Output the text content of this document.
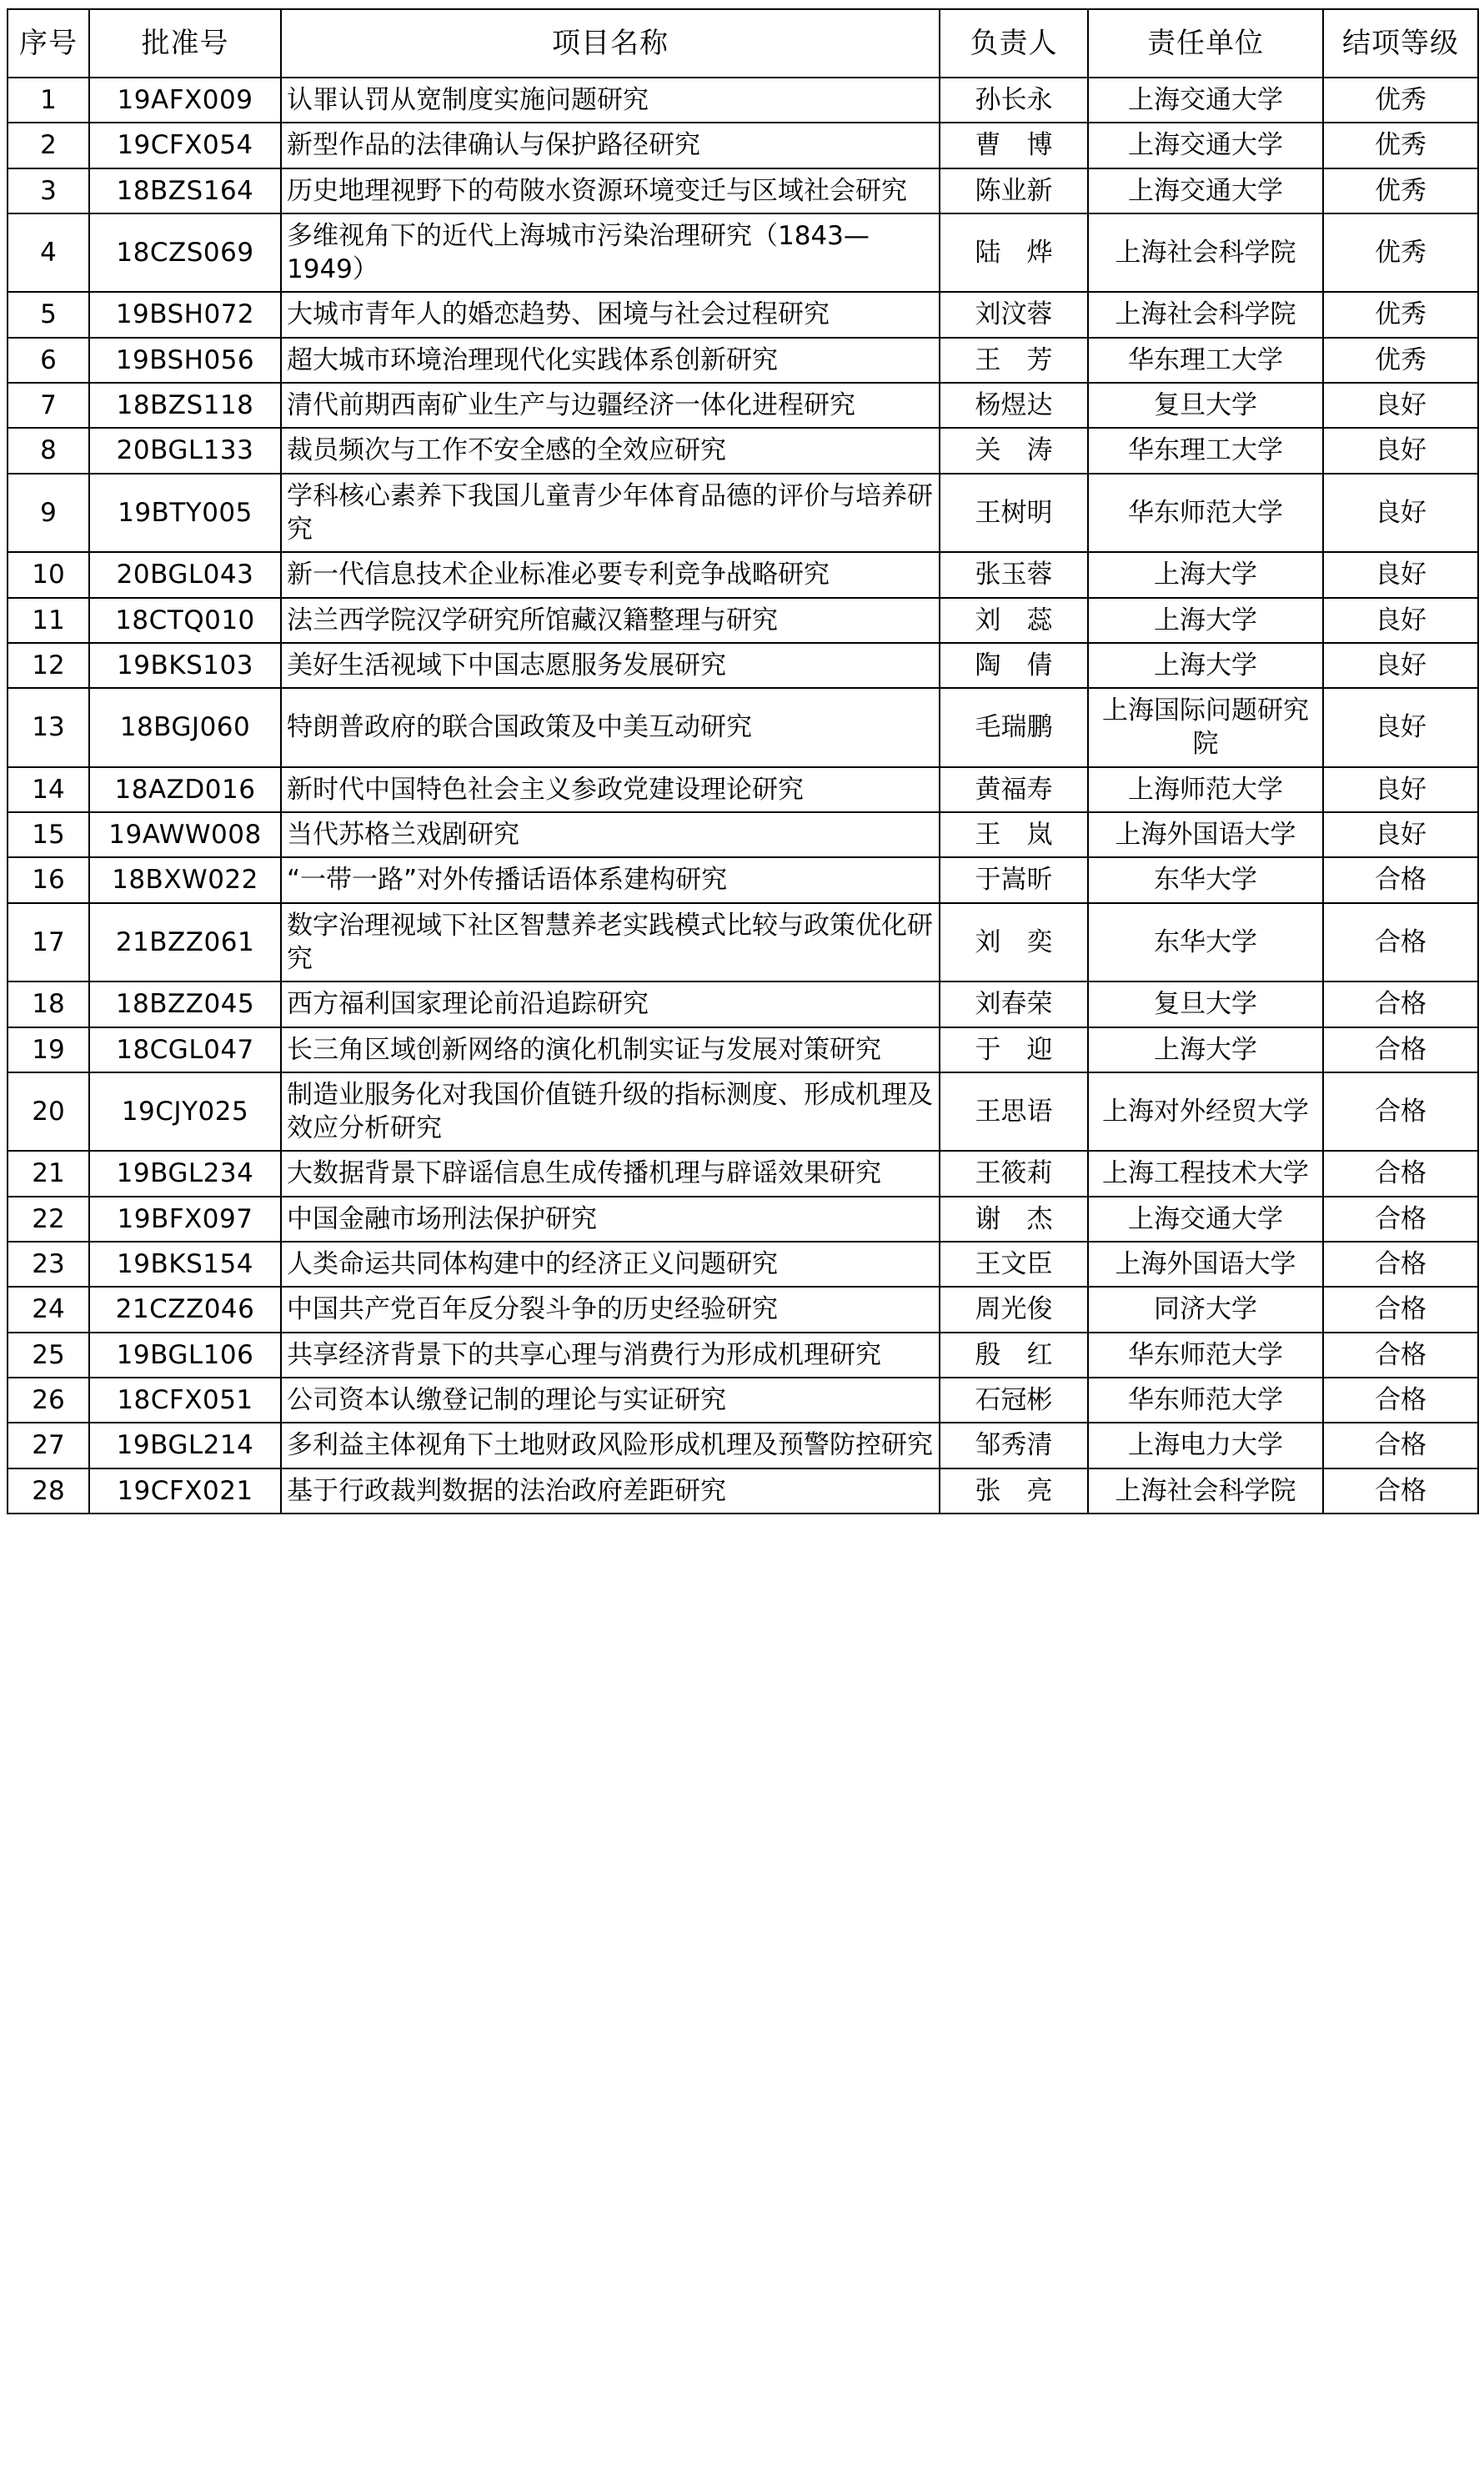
序号	批准号	项目名称	负责人	责任单位	结项等级
1	19AFX009	认罪认罚从宽制度实施问题研究	孙长永	上海交通大学	优秀
2	19CFX054	新型作品的法律确认与保护路径研究	曹　博	上海交通大学	优秀
3	18BZS164	历史地理视野下的苟陂水资源环境变迁与区域社会研究	陈业新	上海交通大学	优秀
4	18CZS069	多维视角下的近代上海城市污染治理研究（1843—1949）	陆　烨	上海社会科学院	优秀
5	19BSH072	大城市青年人的婚恋趋势、困境与社会过程研究	刘汶蓉	上海社会科学院	优秀
6	19BSH056	超大城市环境治理现代化实践体系创新研究	王　芳	华东理工大学	优秀
7	18BZS118	清代前期西南矿业生产与边疆经济一体化进程研究	杨煜达	复旦大学	良好
8	20BGL133	裁员频次与工作不安全感的全效应研究	关　涛	华东理工大学	良好
9	19BTY005	学科核心素养下我国儿童青少年体育品德的评价与培养研究	王树明	华东师范大学	良好
10	20BGL043	新一代信息技术企业标准必要专利竞争战略研究	张玉蓉	上海大学	良好
11	18CTQ010	法兰西学院汉学研究所馆藏汉籍整理与研究	刘　蕊	上海大学	良好
12	19BKS103	美好生活视域下中国志愿服务发展研究	陶　倩	上海大学	良好
13	18BGJ060	特朗普政府的联合国政策及中美互动研究	毛瑞鹏	上海国际问题研究院	良好
14	18AZD016	新时代中国特色社会主义参政党建设理论研究	黄福寿	上海师范大学	良好
15	19AWW008	当代苏格兰戏剧研究	王　岚	上海外国语大学	良好
16	18BXW022	“一带一路”对外传播话语体系建构研究	于嵩昕	东华大学	合格
17	21BZZ061	数字治理视域下社区智慧养老实践模式比较与政策优化研究	刘　奕	东华大学	合格
18	18BZZ045	西方福利国家理论前沿追踪研究	刘春荣	复旦大学	合格
19	18CGL047	长三角区域创新网络的演化机制实证与发展对策研究	于　迎	上海大学	合格
20	19CJY025	制造业服务化对我国价值链升级的指标测度、形成机理及效应分析研究	王思语	上海对外经贸大学	合格
21	19BGL234	大数据背景下辟谣信息生成传播机理与辟谣效果研究	王筱莉	上海工程技术大学	合格
22	19BFX097	中国金融市场刑法保护研究	谢　杰	上海交通大学	合格
23	19BKS154	人类命运共同体构建中的经济正义问题研究	王文臣	上海外国语大学	合格
24	21CZZ046	中国共产党百年反分裂斗争的历史经验研究	周光俊	同济大学	合格
25	19BGL106	共享经济背景下的共享心理与消费行为形成机理研究	殷　红	华东师范大学	合格
26	18CFX051	公司资本认缴登记制的理论与实证研究	石冠彬	华东师范大学	合格
27	19BGL214	多利益主体视角下土地财政风险形成机理及预警防控研究	邹秀清	上海电力大学	合格
28	19CFX021	基于行政裁判数据的法治政府差距研究	张　亮	上海社会科学院	合格
